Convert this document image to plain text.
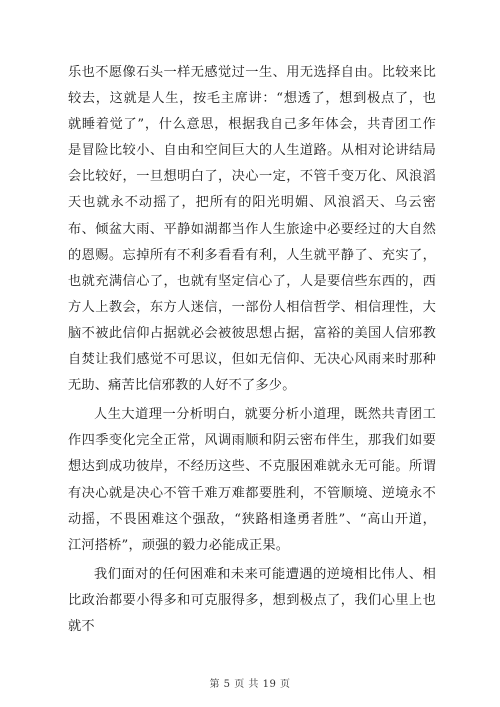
乐也不愿像石头一样无感觉过一生、用无选择自由。比较来比较去，这就是人生，按毛主席讲：“想透了，想到极点了，也就睡着觉了”，什么意思，根据我自己多年体会，共青团工作是冒险比较小、自由和空间巨大的人生道路。从相对论讲结局会比较好，一旦想明白了，决心一定，不管千变万化、风浪滔天也就永不动摇了，把所有的阳光明媚、风浪滔天、乌云密布、倾盆大雨、平静如湖都当作人生旅途中必要经过的大自然的恩赐。忘掉所有不利多看看有利，人生就平静了、充实了，也就充满信心了，也就有坚定信心了，人是要信些东西的，西方人上教会，东方人迷信，一部份人相信哲学、相信理性，大脑不被此信仰占据就必会被彼思想占据，富裕的美国人信邪教自焚让我们感觉不可思议，但如无信仰、无决心风雨来时那种无助、痛苦比信邪教的人好不了多少。

人生大道理一分析明白，就要分析小道理，既然共青团工作四季变化完全正常，风调雨顺和阴云密布伴生，那我们如要想达到成功彼岸，不经历这些、不克服困难就永无可能。所谓有决心就是决心不管千难万难都要胜利，不管顺境、逆境永不动摇，不畏困难这个强敌，“狭路相逢勇者胜”、“高山开道，江河搭桥”，顽强的毅力必能成正果。

我们面对的任何困难和未来可能遭遇的逆境相比伟人、相比政治都要小得多和可克服得多，想到极点了，我们心里上也就不

第 5 页 共 19 页
